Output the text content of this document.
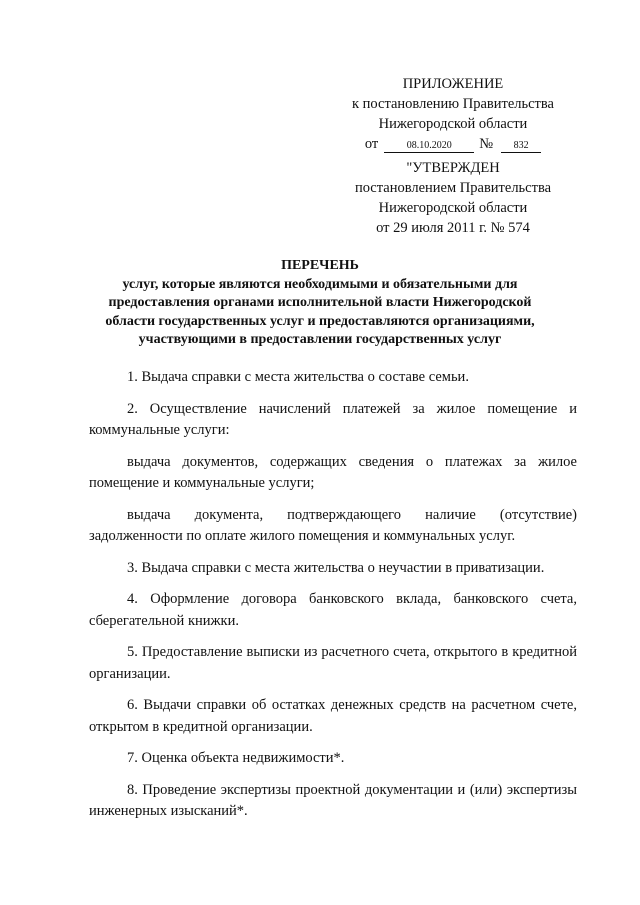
ПРИЛОЖЕНИЕ
к постановлению Правительства
Нижегородской области
от	08.10.2020	№	832
"УТВЕРЖДЕН
постановлением Правительства
Нижегородской области
от 29 июля 2011 г. № 574
ПЕРЕЧЕНЬ
услуг, которые являются необходимыми и обязательными для
предоставления органами исполнительной власти Нижегородской
области государственных услуг и предоставляются организациями,
участвующими в предоставлении государственных услуг

1. Выдача справки с места жительства о составе семьи.

2. Осуществление начислений платежей за жилое помещение и коммунальные услуги:

выдача документов, содержащих сведения о платежах за жилое помещение и коммунальные услуги;

выдача документа, подтверждающего наличие (отсутствие) задолженности по оплате жилого помещения и коммунальных услуг.

3. Выдача справки с места жительства о неучастии в приватизации.

4. Оформление договора банковского вклада, банковского счета, сберегательной книжки.

5. Предоставление выписки из расчетного счета, открытого в кредитной организации.

6. Выдачи справки об остатках денежных средств на расчетном счете, открытом в кредитной организации.

7. Оценка объекта недвижимости*.

8. Проведение экспертизы проектной документации и (или) экспертизы инженерных изысканий*.
